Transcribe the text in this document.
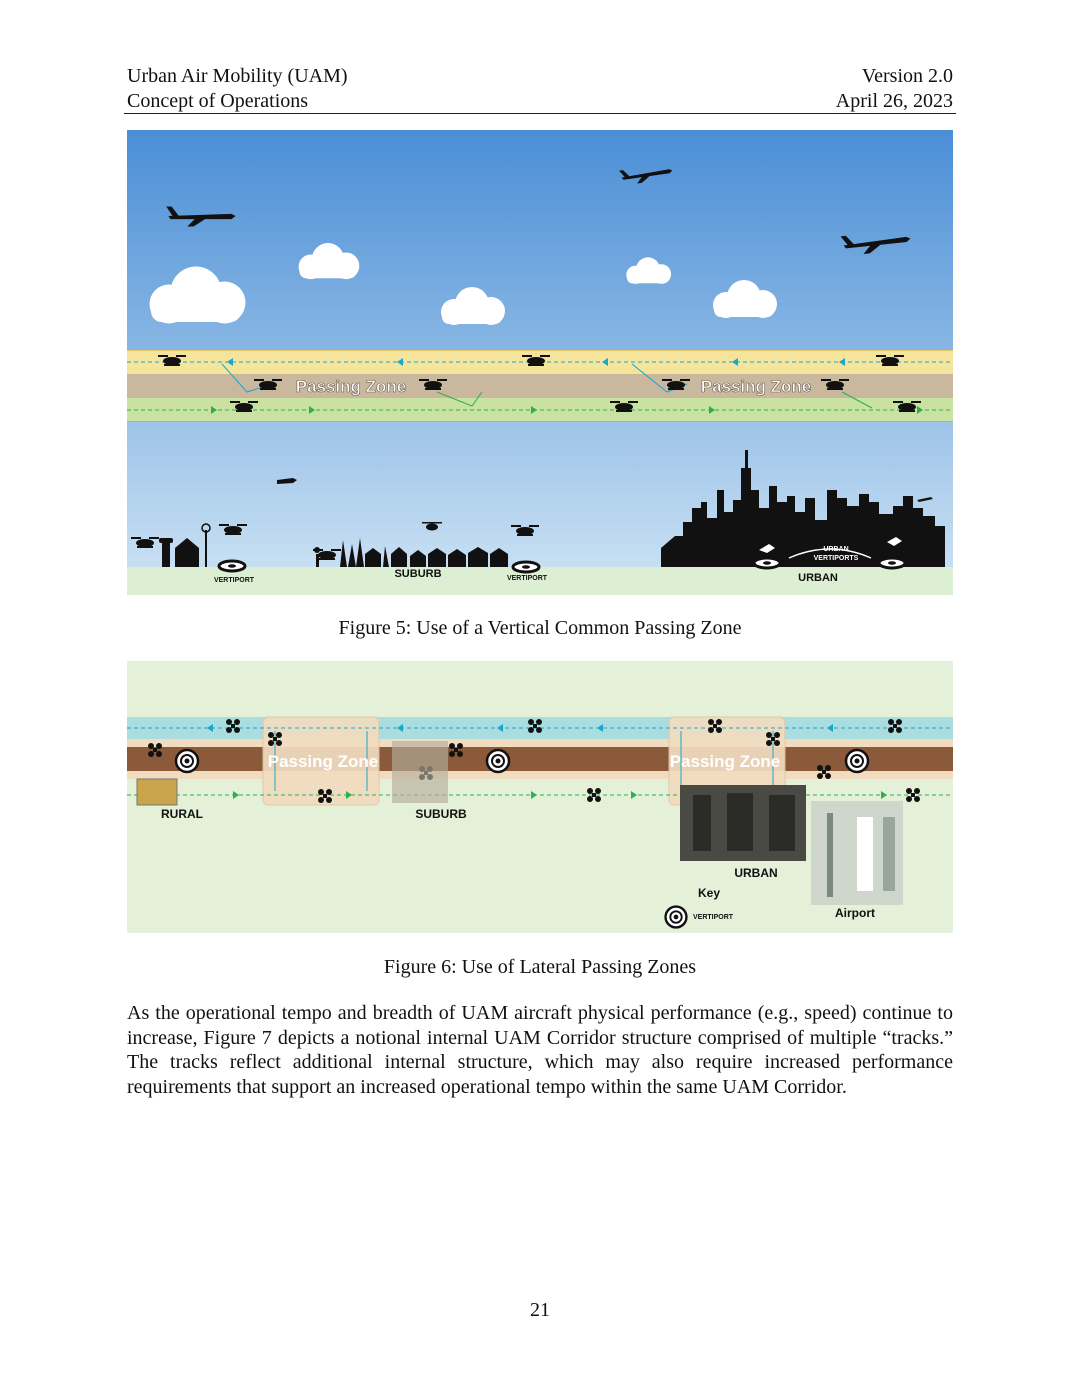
Urban Air Mobility (UAM)
Concept of Operations
Version 2.0
April 26, 2023
Passing Zone	Passing Zone
VERTIPORT
SUBURB	VERTIPORT
URBAN
VERTIPORTS
URBAN
Figure 5: Use of a Vertical Common Passing Zone
Passing Zone	Passing Zone
RURAL	SUBURB
URBAN
Key
VERTIPORT	Airport
Figure 6: Use of Lateral Passing Zones
As the operational tempo and breadth of UAM aircraft physical performance (e.g., speed) continue to increase, Figure 7 depicts a notional internal UAM Corridor structure comprised of multiple “tracks.” The tracks reflect additional internal structure, which may also require increased performance requirements that support an increased operational tempo within the same UAM Corridor.
21
